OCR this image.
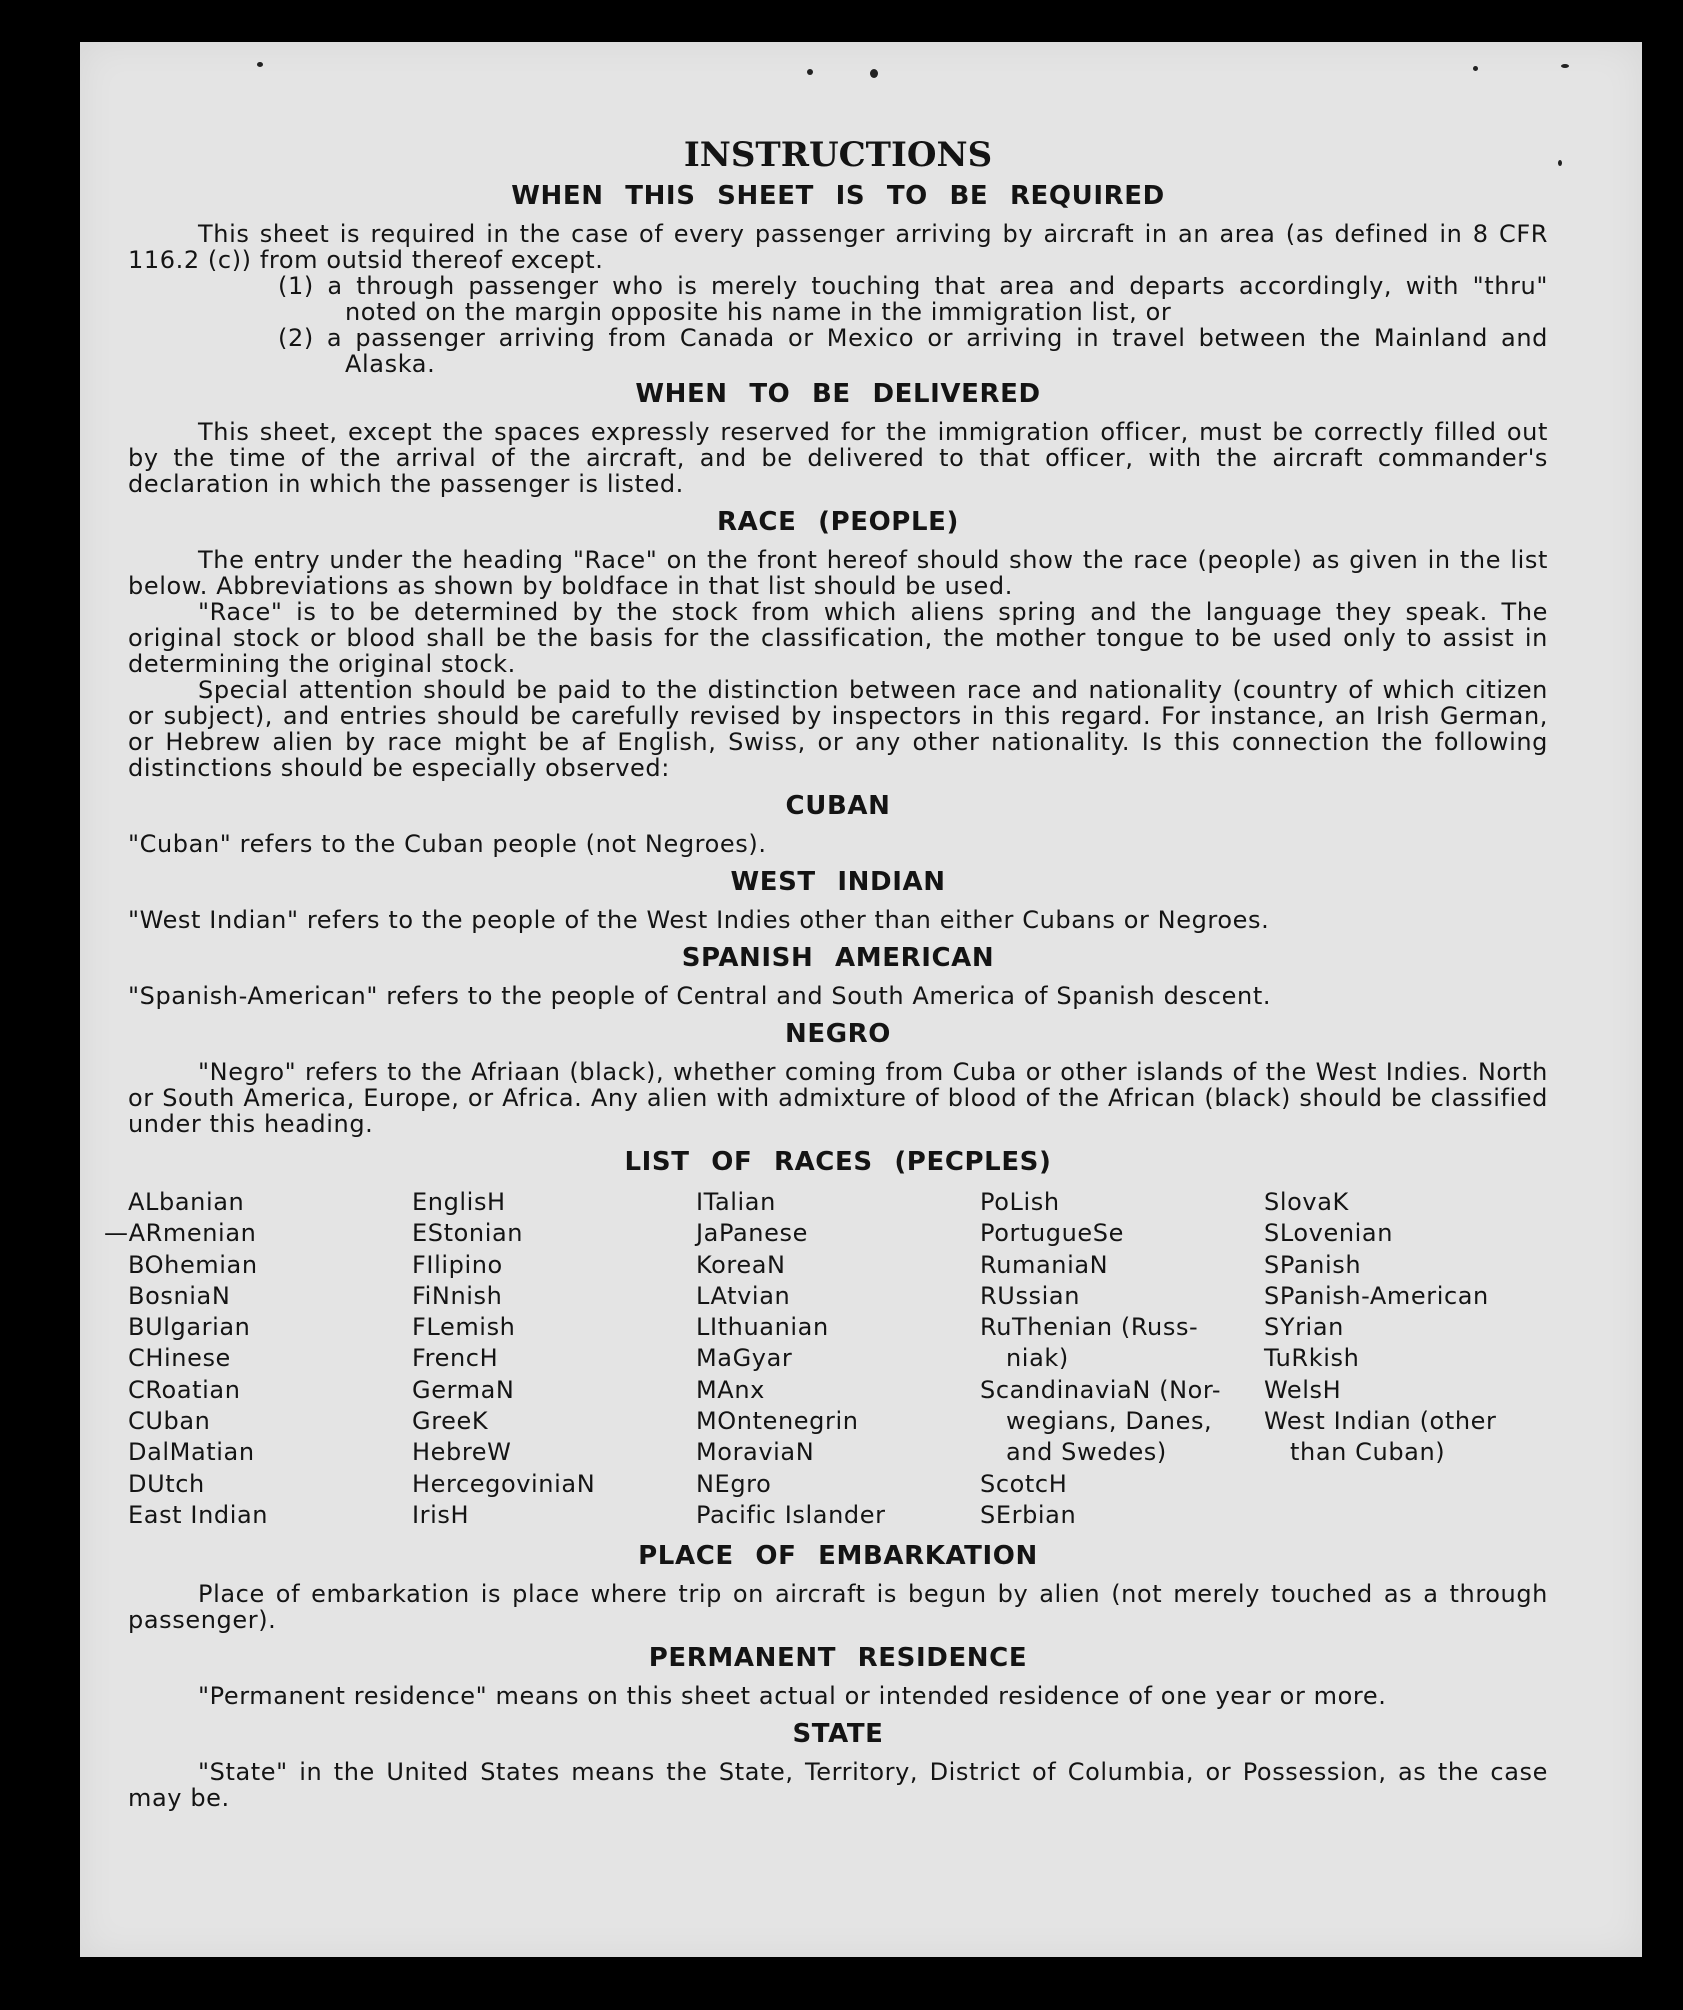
INSTRUCTIONS
WHEN THIS SHEET IS TO BE REQUIRED

This sheet is required in the case of every passenger arriving by aircraft in an area (as defined in 8 CFR 116.2 (c)) from outsid thereof except.

(1) a through passenger who is merely touching that area and departs accordingly, with "thru" noted on the margin opposite his name in the immigration list, or

(2) a passenger arriving from Canada or Mexico or arriving in travel between the Mainland and Alaska.

WHEN TO BE DELIVERED

This sheet, except the spaces expressly reserved for the immigration officer, must be correctly filled out by the time of the arrival of the aircraft, and be delivered to that officer, with the aircraft commander's declaration in which the passenger is listed.

RACE (PEOPLE)

The entry under the heading "Race" on the front hereof should show the race (people) as given in the list below. Abbreviations as shown by boldface in that list should be used.

"Race" is to be determined by the stock from which aliens spring and the language they speak. The original stock or blood shall be the basis for the classification, the mother tongue to be used only to assist in determining the original stock.

Special attention should be paid to the distinction between race and nationality (country of which citizen or subject), and entries should be carefully revised by inspectors in this regard. For instance, an Irish German, or Hebrew alien by race might be af English, Swiss, or any other nationality. Is this connection the following distinctions should be especially observed:

CUBAN

"Cuban" refers to the Cuban people (not Negroes).

WEST INDIAN

"West Indian" refers to the people of the West Indies other than either Cubans or Negroes.

SPANISH AMERICAN

"Spanish-American" refers to the people of Central and South America of Spanish descent.

NEGRO

"Negro" refers to the Afriaan (black), whether coming from Cuba or other islands of the West Indies. North or South America, Europe, or Africa. Any alien with admixture of blood of the African (black) should be classified under this heading.

LIST OF RACES (PECPLES)
ALbanian
—ARmenian
BOhemian
BosniaN
BUlgarian
CHinese
CRoatian
CUban
DalMatian
DUtch
East Indian
EnglisH
EStonian
FIlipino
FiNnish
FLemish
FrencH
GermaN
GreeK
HebreW
HercegoviniaN
IrisH
ITalian
JaPanese
KoreaN
LAtvian
LIthuanian
MaGyar
MAnx
MOntenegrin
MoraviaN
NEgro
Pacific Islander
PoLish
PortugueSe
RumaniaN
RUssian
RuThenian (Russ-
niak)
ScandinaviaN (Nor-
wegians, Danes,
and Swedes)
ScotcH
SErbian
SlovaK
SLovenian
SPanish
SPanish-American
SYrian
TuRkish
WelsH
West Indian (other
than Cuban)
PLACE OF EMBARKATION

Place of embarkation is place where trip on aircraft is begun by alien (not merely touched as a through passenger).

PERMANENT RESIDENCE

"Permanent residence" means on this sheet actual or intended residence of one year or more.

STATE

"State" in the United States means the State, Territory, District of Columbia, or Possession, as the case may be.
